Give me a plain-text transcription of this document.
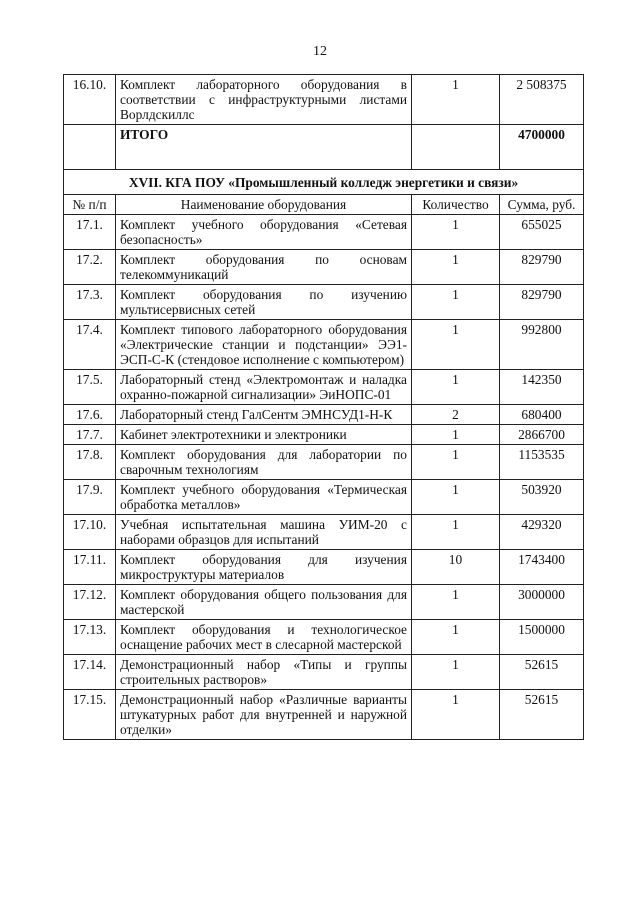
12
16.10.	Комплект лабораторного оборудования в соответствии с инфраструктурными листами Ворлдскиллс	1	2 508375
	ИТОГО		4700000
XVII. КГА ПОУ «Промышленный колледж энергетики и связи»			
№ п/п	Наименование оборудования	Количество	Сумма, руб.
17.1.	Комплект учебного оборудования «Сетевая безопасность»	1	655025
17.2.	Комплект оборудования по основам телекоммуникаций	1	829790
17.3.	Комплект оборудования по изучению мультисервисных сетей	1	829790
17.4.	Комплект типового лабораторного оборудования «Электрические станции и подстанции» ЭЭ1-ЭСП-С-К (стендовое исполнение с компьютером)	1	992800
17.5.	Лабораторный стенд «Электромонтаж и наладка охранно-пожарной сигнализации» ЭиНОПС-01	1	142350
17.6.	Лабораторный стенд ГалСентм ЭМНСУД1-Н-К	2	680400
17.7.	Кабинет электротехники и электроники	1	2866700
17.8.	Комплект оборудования для лаборатории по сварочным технологиям	1	1153535
17.9.	Комплект учебного оборудования «Термическая обработка металлов»	1	503920
17.10.	Учебная испытательная машина УИМ-20 с наборами образцов для испытаний	1	429320
17.11.	Комплект оборудования для изучения микроструктуры материалов	10	1743400
17.12.	Комплект оборудования общего пользования для мастерской	1	3000000
17.13.	Комплект оборудования и технологическое оснащение рабочих мест в слесарной мастерской	1	1500000
17.14.	Демонстрационный набор «Типы и группы строительных растворов»	1	52615
17.15.	Демонстрационный набор «Различные варианты штукатурных работ для внутренней и наружной отделки»	1	52615
